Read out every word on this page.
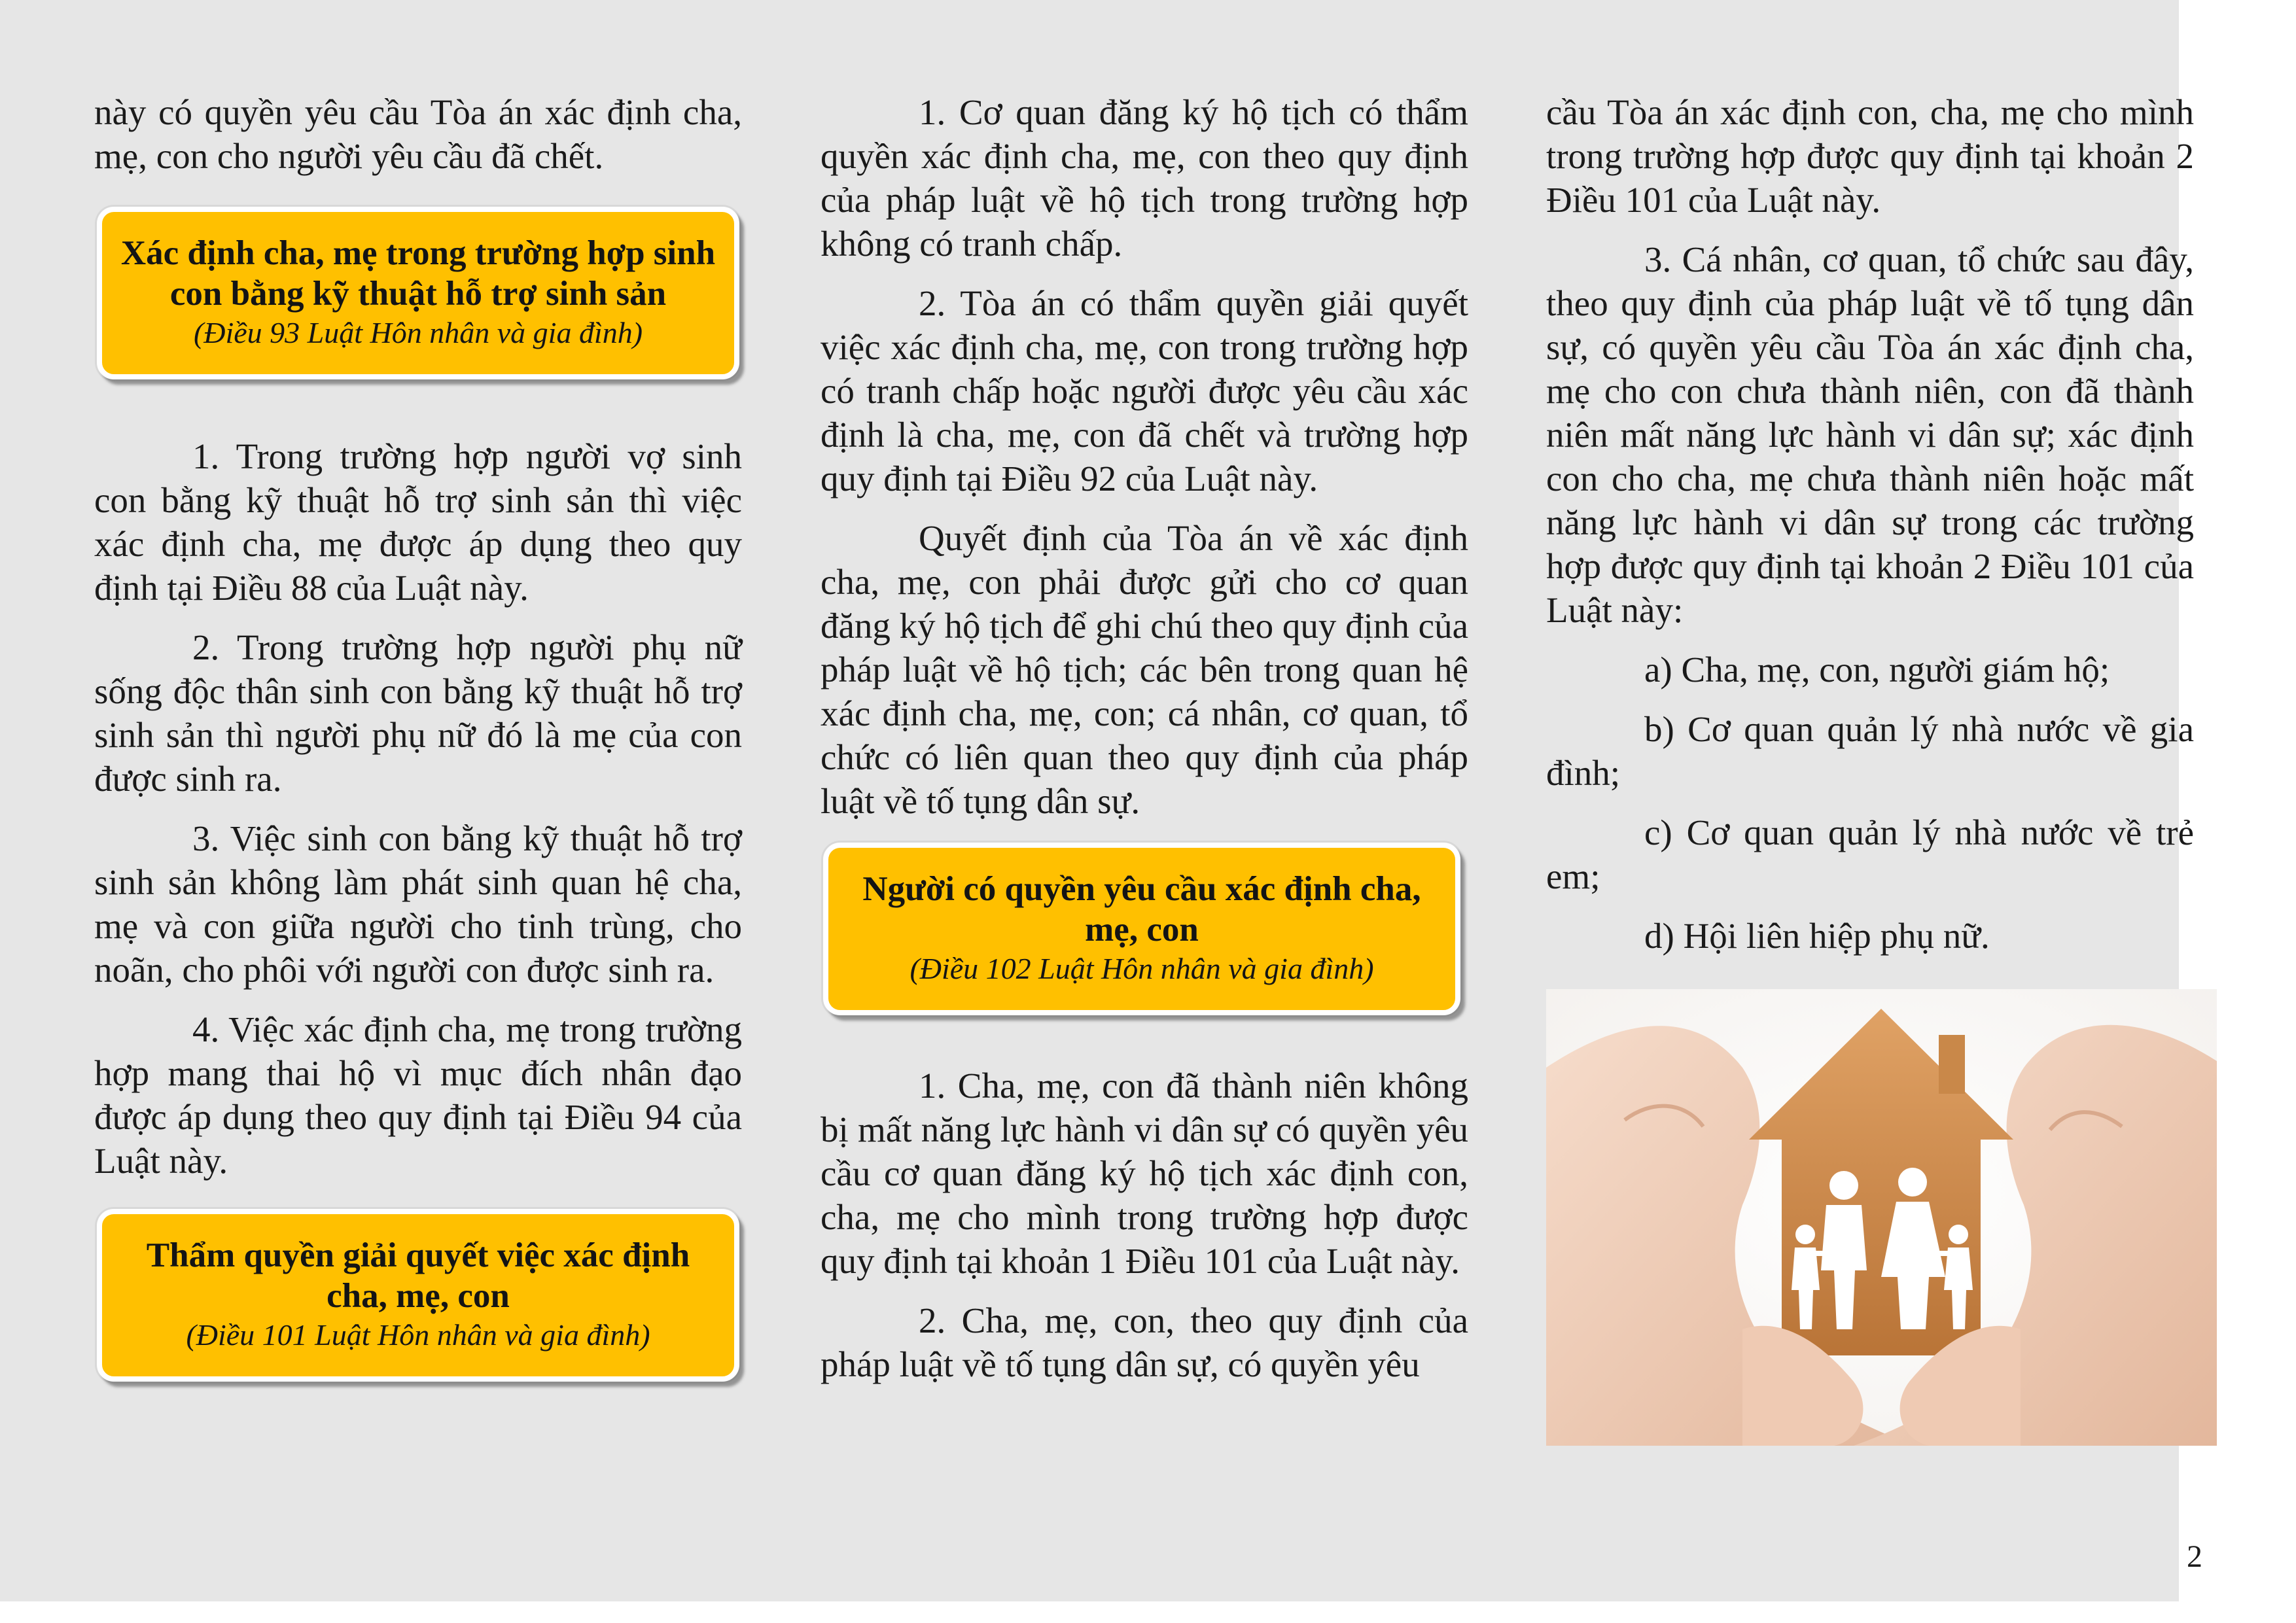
này có quyền yêu cầu Tòa án xác định cha, mẹ, con cho người yêu cầu đã chết.

Xác định cha, mẹ trong trường hợp sinh con bằng kỹ thuật hỗ trợ sinh sản
(Điều 93 Luật Hôn nhân và gia đình)

1. Trong trường hợp người vợ sinh con bằng kỹ thuật hỗ trợ sinh sản thì việc xác định cha, mẹ được áp dụng theo quy định tại Điều 88 của Luật này.

2. Trong trường hợp người phụ nữ sống độc thân sinh con bằng kỹ thuật hỗ trợ sinh sản thì người phụ nữ đó là mẹ của con được sinh ra.

3. Việc sinh con bằng kỹ thuật hỗ trợ sinh sản không làm phát sinh quan hệ cha, mẹ và con giữa người cho tinh trùng, cho noãn, cho phôi với người con được sinh ra.

4. Việc xác định cha, mẹ trong trường hợp mang thai hộ vì mục đích nhân đạo được áp dụng theo quy định tại Điều 94 của Luật này.

Thẩm quyền giải quyết việc xác định cha, mẹ, con
(Điều 101 Luật Hôn nhân và gia đình)

1. Cơ quan đăng ký hộ tịch có thẩm quyền xác định cha, mẹ, con theo quy định của pháp luật về hộ tịch trong trường hợp không có tranh chấp.

2. Tòa án có thẩm quyền giải quyết việc xác định cha, mẹ, con trong trường hợp có tranh chấp hoặc người được yêu cầu xác định là cha, mẹ, con đã chết và trường hợp quy định tại Điều 92 của Luật này.

Quyết định của Tòa án về xác định cha, mẹ, con phải được gửi cho cơ quan đăng ký hộ tịch để ghi chú theo quy định của pháp luật về hộ tịch; các bên trong quan hệ xác định cha, mẹ, con; cá nhân, cơ quan, tổ chức có liên quan theo quy định của pháp luật về tố tụng dân sự.

Người có quyền yêu cầu xác định cha, mẹ, con
(Điều 102 Luật Hôn nhân và gia đình)

1. Cha, mẹ, con đã thành niên không bị mất năng lực hành vi dân sự có quyền yêu cầu cơ quan đăng ký hộ tịch xác định con, cha, mẹ cho mình trong trường hợp được quy định tại khoản 1 Điều 101 của Luật này.

2. Cha, mẹ, con, theo quy định của pháp luật về tố tụng dân sự, có quyền yêu

cầu Tòa án xác định con, cha, mẹ cho mình trong trường hợp được quy định tại khoản 2 Điều 101 của Luật này.

3. Cá nhân, cơ quan, tổ chức sau đây, theo quy định của pháp luật về tố tụng dân sự, có quyền yêu cầu Tòa án xác định cha, mẹ cho con chưa thành niên, con đã thành niên mất năng lực hành vi dân sự; xác định con cho cha, mẹ chưa thành niên hoặc mất năng lực hành vi dân sự trong các trường hợp được quy định tại khoản 2 Điều 101 của Luật này:

a) Cha, mẹ, con, người giám hộ;

b) Cơ quan quản lý nhà nước về gia đình;

c) Cơ quan quản lý nhà nước về trẻ em;

d) Hội liên hiệp phụ nữ.

2
